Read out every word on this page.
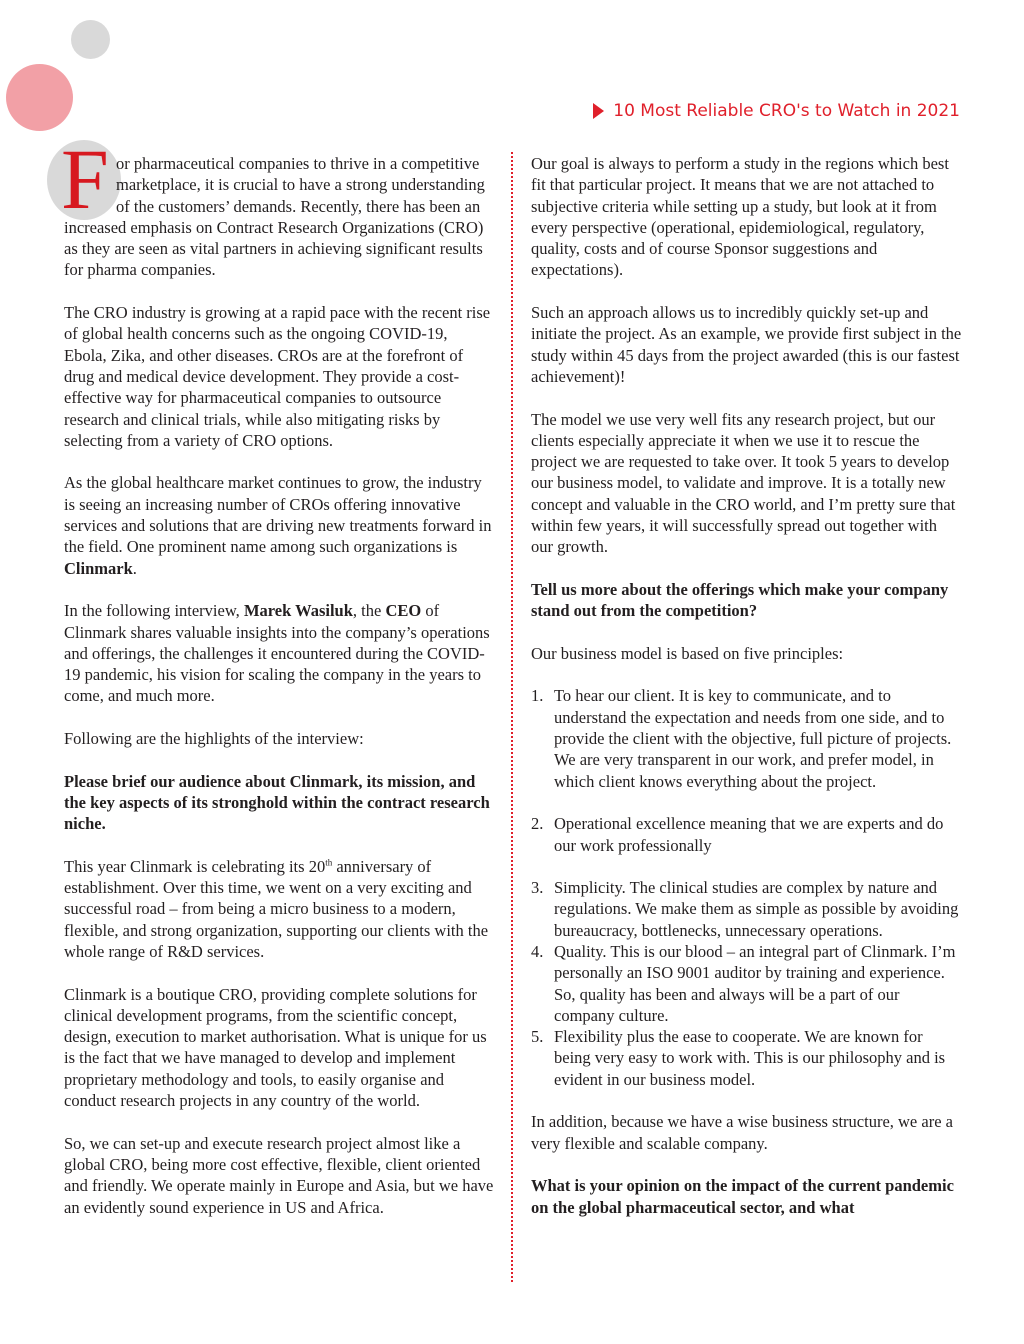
10 Most Reliable CRO's to Watch in 2021
F or pharmaceutical companies to thrive in a competitive marketplace, it is crucial to have a strong understanding of the customers’ demands. Recently, there has been an increased emphasis on Contract Research Organizations (CRO) as they are seen as vital partners in achieving significant results for pharma companies.

The CRO industry is growing at a rapid pace with the recent rise of global health concerns such as the ongoing COVID-19, Ebola, Zika, and other diseases. CROs are at the forefront of drug and medical device development. They provide a cost-effective way for pharmaceutical companies to outsource research and clinical trials, while also mitigating risks by selecting from a variety of CRO options.

As the global healthcare market continues to grow, the industry is seeing an increasing number of CROs offering innovative services and solutions that are driving new treatments forward in the field. One prominent name among such organizations is Clinmark.

In the following interview, Marek Wasiluk, the CEO of Clinmark shares valuable insights into the company’s operations and offerings, the challenges it encountered during the COVID-19 pandemic, his vision for scaling the company in the years to come, and much more.

Following are the highlights of the interview:

Please brief our audience about Clinmark, its mission, and the key aspects of its stronghold within the contract research niche.

This year Clinmark is celebrating its 20th anniversary of establishment. Over this time, we went on a very exciting and successful road – from being a micro business to a modern, flexible, and strong organization, supporting our clients with the whole range of R&D services.

Clinmark is a boutique CRO, providing complete solutions for clinical development programs, from the scientific concept, design, execution to market authorisation. What is unique for us is the fact that we have managed to develop and implement proprietary methodology and tools, to easily organise and conduct research projects in any country of the world.

So, we can set-up and execute research project almost like a global CRO, being more cost effective, flexible, client oriented and friendly. We operate mainly in Europe and Asia, but we have an evidently sound experience in US and Africa.

Our goal is always to perform a study in the regions which best fit that particular project. It means that we are not attached to subjective criteria while setting up a study, but look at it from every perspective (operational, epidemiological, regulatory, quality, costs and of course Sponsor suggestions and expectations).

Such an approach allows us to incredibly quickly set-up and initiate the project. As an example, we provide first subject in the study within 45 days from the project awarded (this is our fastest achievement)!

The model we use very well fits any research project, but our clients especially appreciate it when we use it to rescue the project we are requested to take over. It took 5 years to develop our business model, to validate and improve. It is a totally new concept and valuable in the CRO world, and I’m pretty sure that within few years, it will successfully spread out together with our growth.

Tell us more about the offerings which make your company stand out from the competition?

Our business model is based on five principles:

1. To hear our client. It is key to communicate, and to understand the expectation and needs from one side, and to provide the client with the objective, full picture of projects. We are very transparent in our work, and prefer model, in which client knows everything about the project.
2. Operational excellence meaning that we are experts and do our work professionally
3. Simplicity. The clinical studies are complex by nature and regulations. We make them as simple as possible by avoiding bureaucracy, bottlenecks, unnecessary operations.
4. Quality. This is our blood – an integral part of Clinmark. I’m personally an ISO 9001 auditor by training and experience. So, quality has been and always will be a part of our company culture.
5. Flexibility plus the ease to cooperate. We are known for being very easy to work with. This is our philosophy and is evident in our business model.

In addition, because we have a wise business structure, we are a very flexible and scalable company.

What is your opinion on the impact of the current pandemic on the global pharmaceutical sector, and what
